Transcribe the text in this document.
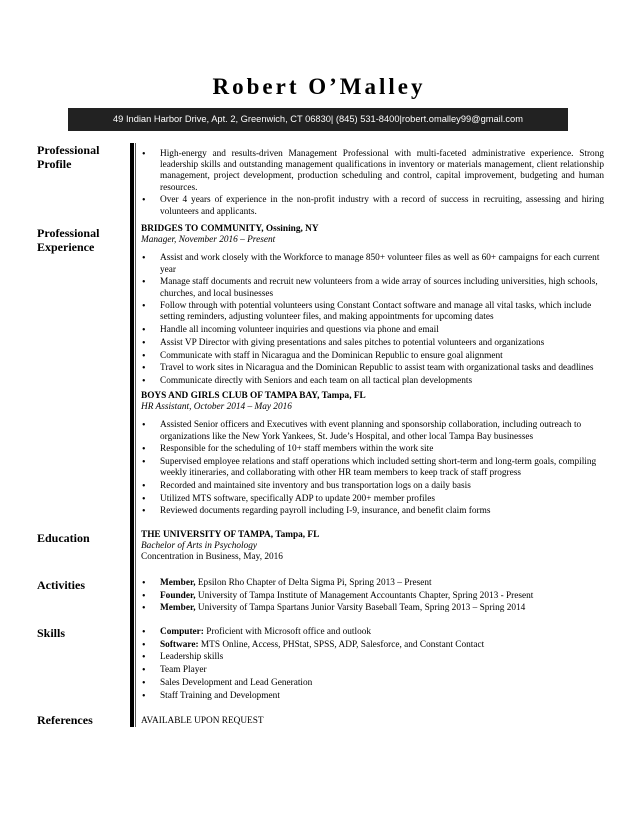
Robert O’Malley
49 Indian Harbor Drive, Apt. 2, Greenwich, CT 06830| (845) 531-8400|robert.omalley99@gmail.com
Professional
Profile
• High-energy and results-driven Management Professional with multi-faceted administrative experience. Strong leadership skills and outstanding management qualifications in inventory or materials management, client relationship management, project development, production scheduling and control, capital improvement, budgeting and human resources.
• Over 4 years of experience in the non-profit industry with a record of success in recruiting, assessing and hiring volunteers and applicants.
Professional
Experience
BRIDGES TO COMMUNITY, Ossining, NY
Manager, November 2016 – Present
• Assist and work closely with the Workforce to manage 850+ volunteer files as well as 60+ campaigns for each current year
• Manage staff documents and recruit new volunteers from a wide array of sources including universities, high schools, churches, and local businesses
• Follow through with potential volunteers using Constant Contact software and manage all vital tasks, which include setting reminders, adjusting volunteer files, and making appointments for upcoming dates
• Handle all incoming volunteer inquiries and questions via phone and email
• Assist VP Director with giving presentations and sales pitches to potential volunteers and organizations
• Communicate with staff in Nicaragua and the Dominican Republic to ensure goal alignment
• Travel to work sites in Nicaragua and the Dominican Republic to assist team with organizational tasks and deadlines
• Communicate directly with Seniors and each team on all tactical plan developments
BOYS AND GIRLS CLUB OF TAMPA BAY, Tampa, FL
HR Assistant, October 2014 – May 2016
• Assisted Senior officers and Executives with event planning and sponsorship collaboration, including outreach to organizations like the New York Yankees, St. Jude’s Hospital, and other local Tampa Bay businesses
• Responsible for the scheduling of 10+ staff members within the work site
• Supervised employee relations and staff operations which included setting short-term and long-term goals, compiling weekly itineraries, and collaborating with other HR team members to keep track of staff progress
• Recorded and maintained site inventory and bus transportation logs on a daily basis
• Utilized MTS software, specifically ADP to update 200+ member profiles
• Reviewed documents regarding payroll including I-9, insurance, and benefit claim forms
Education	THE UNIVERSITY OF TAMPA, Tampa, FL
Bachelor of Arts in Psychology
Concentration in Business, May, 2016
Activities	• Member, Epsilon Rho Chapter of Delta Sigma Pi, Spring 2013 – Present
• Founder, University of Tampa Institute of Management Accountants Chapter, Spring 2013 - Present
• Member, University of Tampa Spartans Junior Varsity Baseball Team, Spring 2013 – Spring 2014
Skills	• Computer: Proficient with Microsoft office and outlook
• Software: MTS Online, Access, PHStat, SPSS, ADP, Salesforce, and Constant Contact
• Leadership skills
• Team Player
• Sales Development and Lead Generation
• Staff Training and Development
References	AVAILABLE UPON REQUEST
